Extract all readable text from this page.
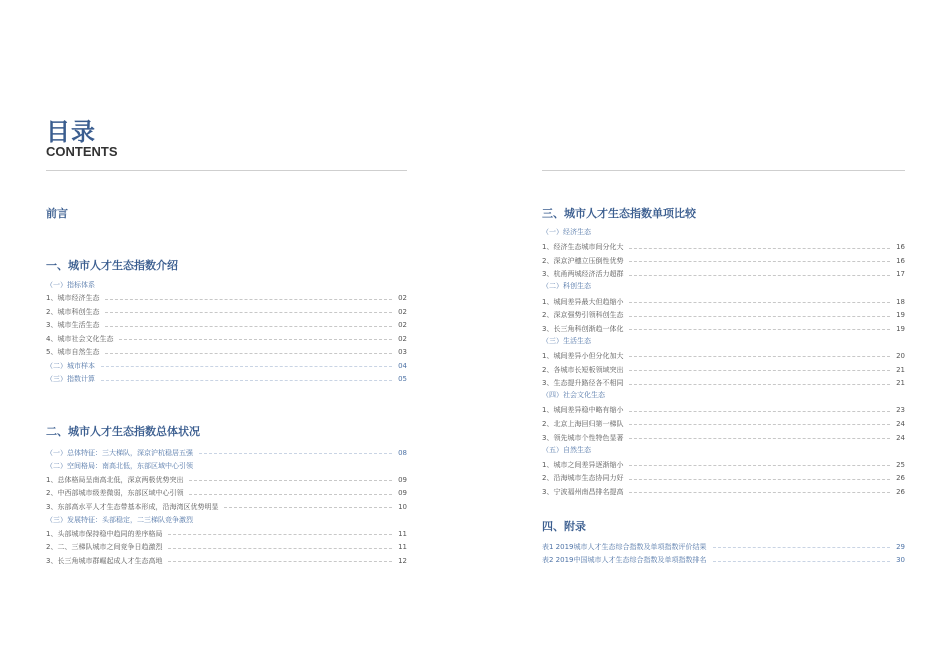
目录
CONTENTS
前言
一、城市人才生态指数介绍
（一）指标体系
1、城市经济生态	02
2、城市科创生态	02
3、城市生活生态	02
4、城市社会文化生态	02
5、城市自然生态	03
（二）城市样本	04
（三）指数计算	05
二、城市人才生态指数总体状况
（一）总体特征：三大梯队，深京沪杭稳居五强	08
（二）空间格局：南高北低，东部区域中心引领
1、总体格局呈南高北低，深京两极优势突出	09
2、中西部城市级差微弱，东部区域中心引领	09
3、东部高水平人才生态带基本形成，沿海湾区优势明显	10
（三）发展特征：头部稳定，二三梯队竞争激烈
1、头部城市保持稳中趋同的差序格局	11
2、二、三梯队城市之间竞争日趋激烈	11
3、长三角城市群崛起成人才生态高地	12
三、城市人才生态指数单项比较
（一）经济生态
1、经济生态城市间分化大	16
2、深京沪穗立压倒性优势	16
3、杭甬两城经济活力超群	17
（二）科创生态
1、城间差异最大但趋缩小	18
2、深京强势引领科创生态	19
3、长三角科创渐趋一体化	19
（三）生活生态
1、城间差异小但分化加大	20
2、各城市长短板领域突出	21
3、生态提升路径各不相同	21
（四）社会文化生态
1、城间差异稳中略有缩小	23
2、北京上海回归第一梯队	24
3、领先城市个性特色显著	24
（五）自然生态
1、城市之间差异逐渐缩小	25
2、沿海城市生态协同力好	26
3、宁波福州南昌排名提高	26
四、附录
表1 2019城市人才生态综合指数及单项指数评价结果	29
表2 2019中国城市人才生态综合指数及单项指数排名	30
